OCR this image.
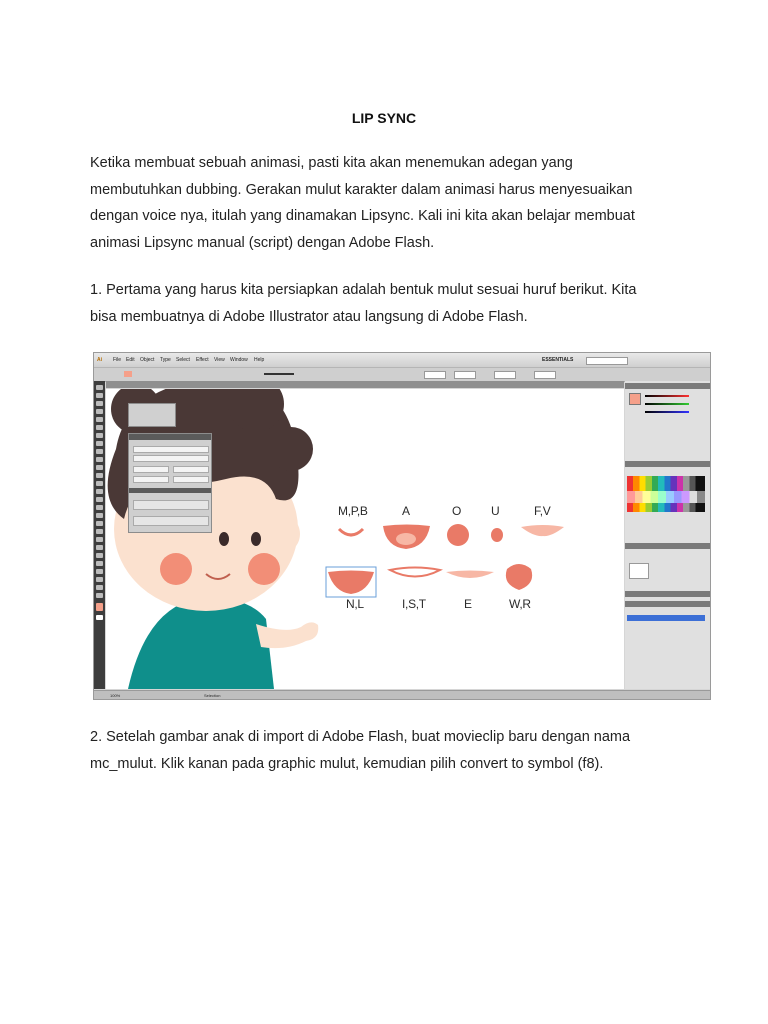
LIP SYNC
Ketika membuat sebuah animasi, pasti kita akan menemukan adegan yang
membutuhkan dubbing. Gerakan mulut karakter dalam animasi harus menyesuaikan
dengan voice nya, itulah yang dinamakan Lipsync. Kali ini kita akan belajar membuat
animasi Lipsync manual (script) dengan Adobe Flash.
1. Pertama yang harus kita persiapkan adalah bentuk mulut sesuai huruf berikut. Kita
bisa membuatnya di Adobe Illustrator atau langsung di Adobe Flash.
Ai File Edit Object Type Select Effect View Window Help	ESSENTIALS
M,P,B	A	O U	F,V
N,L	I,S,T	E	W,R
100%	Selection
2. Setelah gambar anak di import di Adobe Flash, buat movieclip baru dengan nama
mc_mulut. Klik kanan pada graphic mulut, kemudian pilih convert to symbol (f8).
